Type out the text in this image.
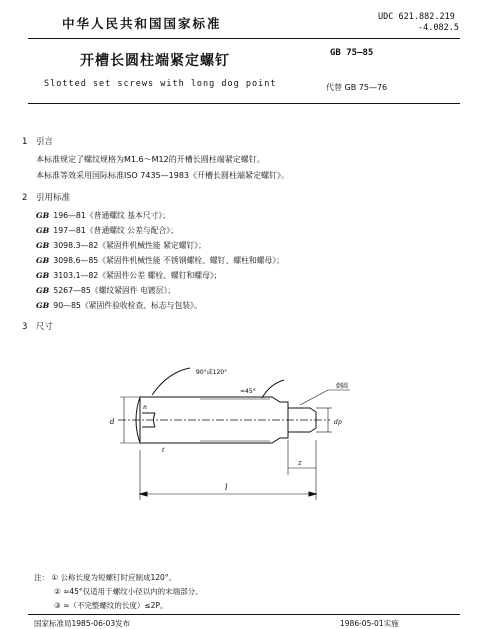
中华人民共和国国家标准	UDC 621.882.219
-4.082.5
开槽长圆柱端紧定螺钉	GB 75—85
Slotted set screws with long dog point	代替 GB 75—76
1 引言
本标准规定了螺纹规格为M1.6～M12的开槽长圆柱端紧定螺钉。
本标准等效采用国际标准ISO 7435—1983《开槽长圆柱端紧定螺钉》。
2 引用标准
GB 196—81《普通螺纹 基本尺寸》；
GB 197—81《普通螺纹 公差与配合》；
GB 3098.3—82《紧固件机械性能 紧定螺钉》；
GB 3098.6—85《紧固件机械性能 不锈钢螺栓、螺钉、螺柱和螺母》；
GB 3103.1—82《紧固件公差 螺栓、螺钉和螺母》；
GB 5267—85《螺纹紧固件 电镀层》；
GB 90—85《紧固件验收检查、标志与包装》。
3 尺寸
90°或120°
≈45°
倒圆
l
z
d	dp
n
t
注： ① 公称长度为短螺钉时应制成120°。
② ≈45°仅适用于螺纹小径以内的末端部分。
③ ≈（不完整螺纹的长度）≤2P。
国家标准局1985-06-03发布	1986-05-01实施
